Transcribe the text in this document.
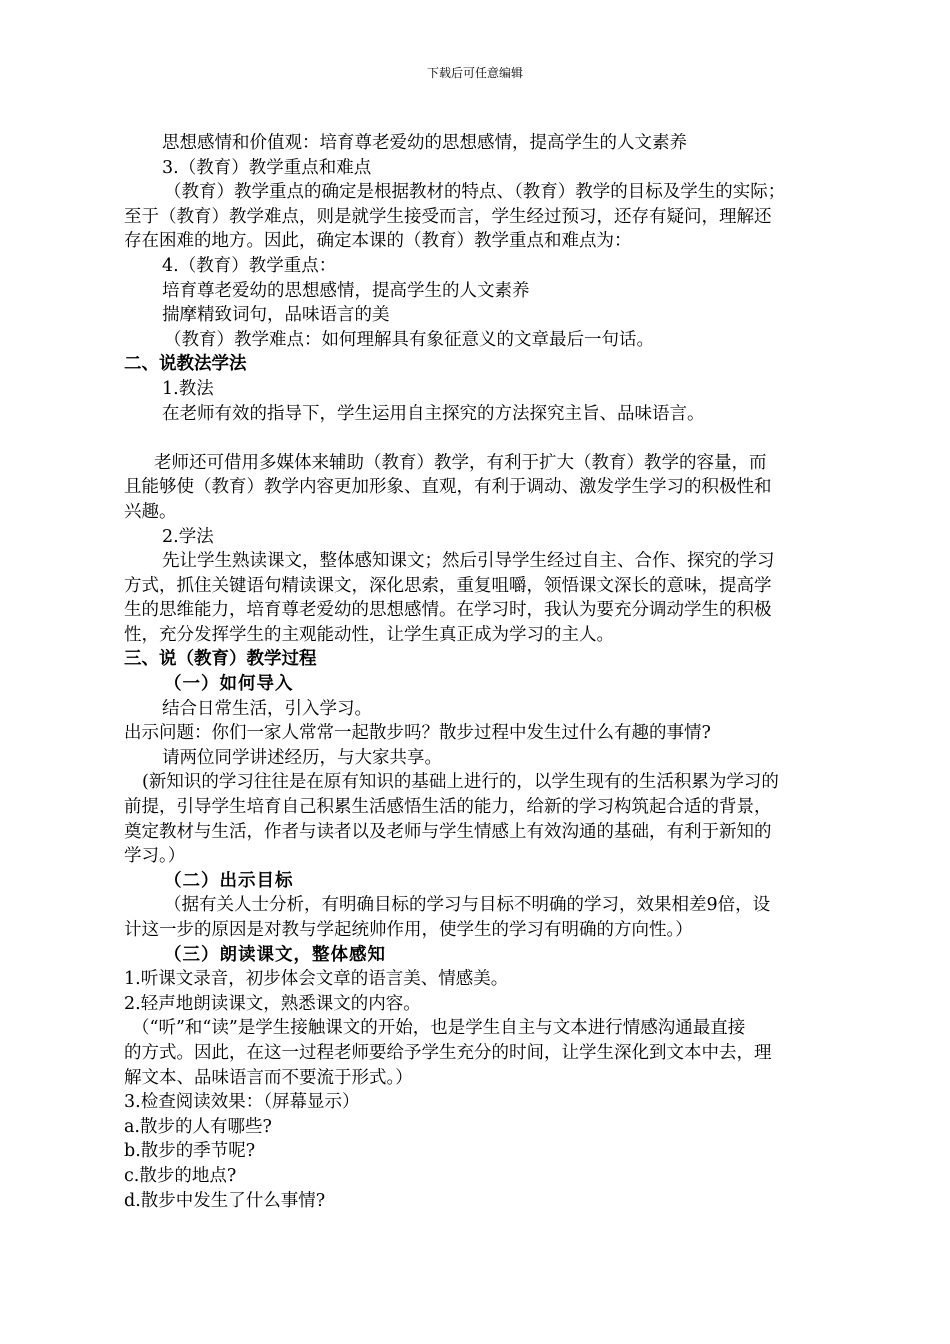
下载后可任意编辑
思想感情和价值观：培育尊老爱幼的思想感情，提高学生的人文素养
3.（教育）教学重点和难点
（教育）教学重点的确定是根据教材的特点、（教育）教学的目标及学生的实际；
至于（教育）教学难点，则是就学生接受而言，学生经过预习，还存有疑问，理解还
存在困难的地方。因此，确定本课的（教育）教学重点和难点为：
4.（教育）教学重点：
培育尊老爱幼的思想感情，提高学生的人文素养
揣摩精致词句，品味语言的美
（教育）教学难点：如何理解具有象征意义的文章最后一句话。
二、说教法学法
1.教法
在老师有效的指导下，学生运用自主探究的方法探究主旨、品味语言。
老师还可借用多媒体来辅助（教育）教学，有利于扩大（教育）教学的容量，而
且能够使（教育）教学内容更加形象、直观，有利于调动、激发学生学习的积极性和
兴趣。
2.学法
先让学生熟读课文，整体感知课文；然后引导学生经过自主、合作、探究的学习
方式，抓住关键语句精读课文，深化思索，重复咀嚼，领悟课文深长的意味，提高学
生的思维能力，培育尊老爱幼的思想感情。在学习时，我认为要充分调动学生的积极
性，充分发挥学生的主观能动性，让学生真正成为学习的主人。
三、说（教育）教学过程
（一）如何导入
结合日常生活，引入学习。
出示问题：你们一家人常常一起散步吗？散步过程中发生过什么有趣的事情?
请两位同学讲述经历，与大家共享。
(新知识的学习往往是在原有知识的基础上进行的，以学生现有的生活积累为学习的
前提，引导学生培育自己积累生活感悟生活的能力，给新的学习构筑起合适的背景，
奠定教材与生活，作者与读者以及老师与学生情感上有效沟通的基础，有利于新知的
学习。）
（二）出示目标
（据有关人士分析，有明确目标的学习与目标不明确的学习，效果相差9倍，设
计这一步的原因是对教与学起统帅作用，使学生的学习有明确的方向性。）
（三）朗读课文，整体感知
1.听课文录音，初步体会文章的语言美、情感美。
2.轻声地朗读课文，熟悉课文的内容。
（“听”和“读”是学生接触课文的开始，也是学生自主与文本进行情感沟通最直接
的方式。因此，在这一过程老师要给予学生充分的时间，让学生深化到文本中去，理
解文本、品味语言而不要流于形式。）
3.检查阅读效果：（屏幕显示）
a.散步的人有哪些?
b.散步的季节呢?
c.散步的地点?
d.散步中发生了什么事情?
